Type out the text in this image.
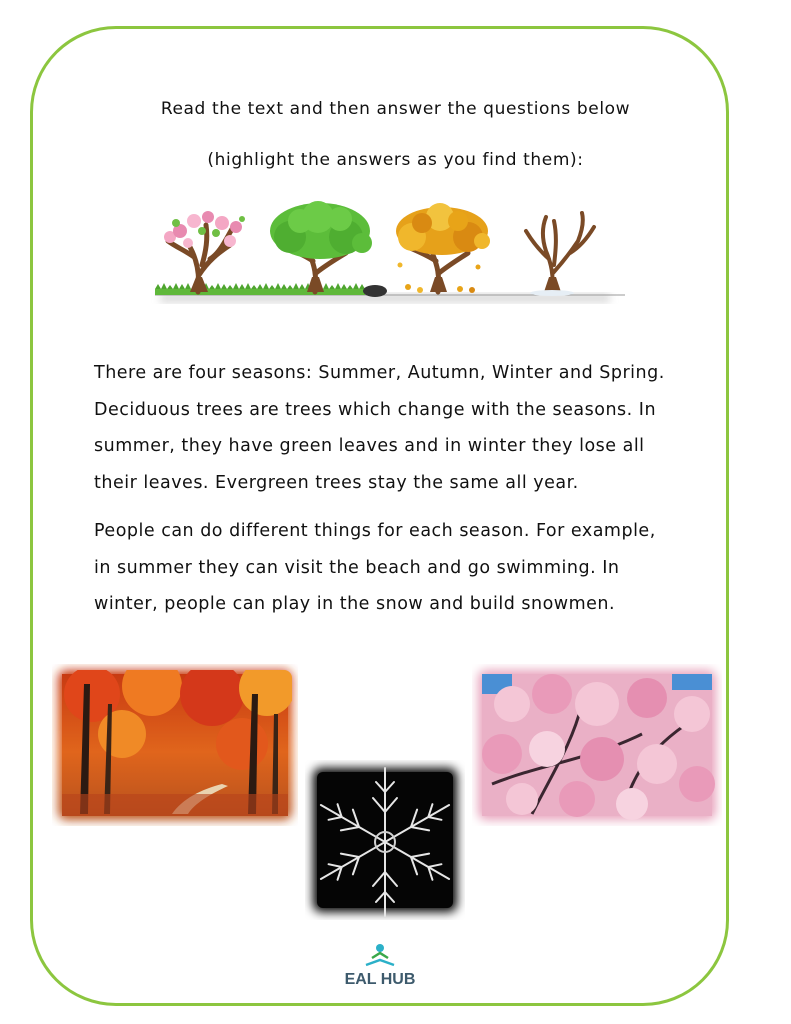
Read the text and then answer the questions below
(highlight the answers as you find them):
There are four seasons: Summer, Autumn, Winter and Spring.
Deciduous trees are trees which change with the seasons. In
summer, they have green leaves and in winter they lose all
their leaves. Evergreen trees stay the same all year.
People can do different things for each season. For example,
in summer they can visit the beach and go swimming. In
winter, people can play in the snow and build snowmen.
EAL HUB
